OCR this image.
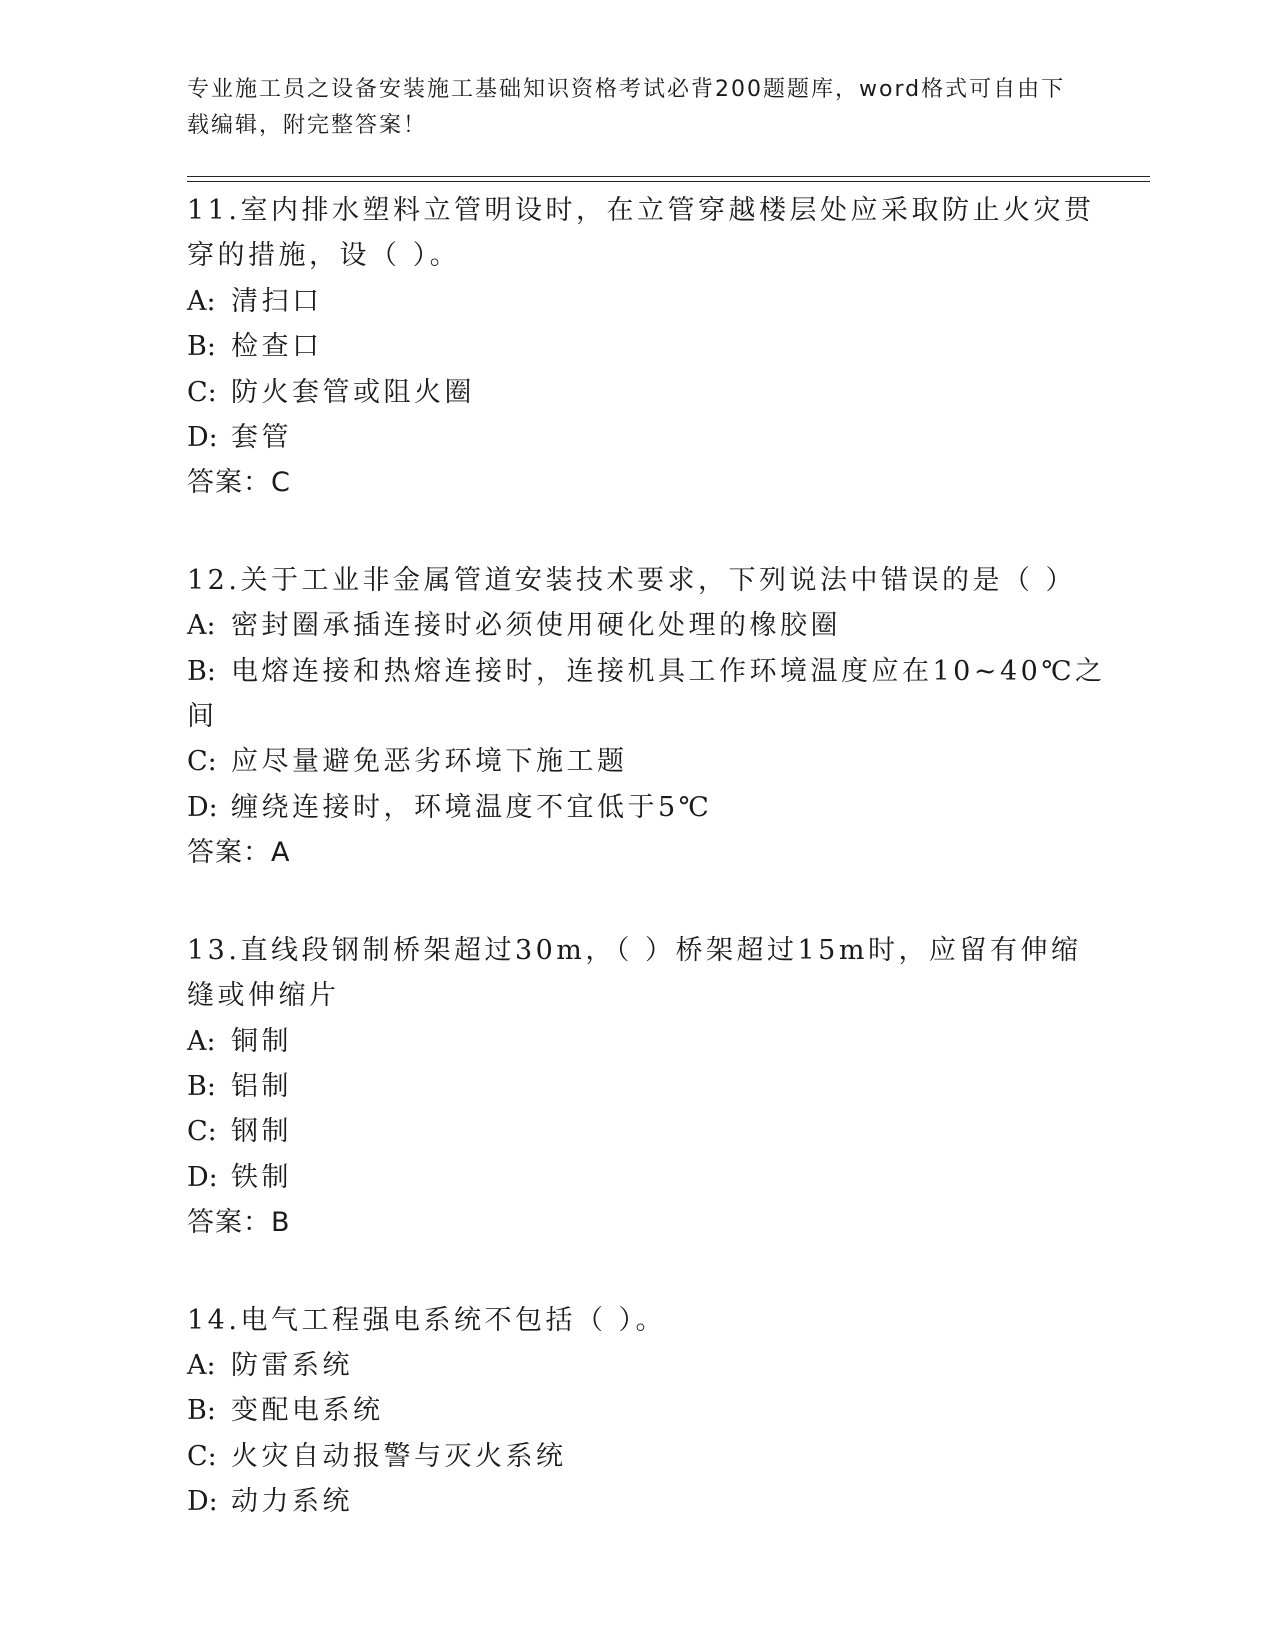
专业施工员之设备安装施工基础知识资格考试必背200题题库，word格式可自由下载编辑，附完整答案！

11.室内排水塑料立管明设时，在立管穿越楼层处应采取防止火灾贯穿的措施，设（ ）。

A: 清扫口

B: 检查口

C: 防火套管或阻火圈

D: 套管

答案：C

12.关于工业非金属管道安装技术要求，下列说法中错误的是（ ）

A: 密封圈承插连接时必须使用硬化处理的橡胶圈

B: 电熔连接和热熔连接时，连接机具工作环境温度应在10~40℃之间

C: 应尽量避免恶劣环境下施工题

D: 缠绕连接时，环境温度不宜低于5℃

答案：A

13.直线段钢制桥架超过30m，（ ）桥架超过15m时，应留有伸缩缝或伸缩片

A: 铜制

B: 铝制

C: 钢制

D: 铁制

答案：B

14.电气工程强电系统不包括（ ）。

A: 防雷系统

B: 变配电系统

C: 火灾自动报警与灭火系统

D: 动力系统
